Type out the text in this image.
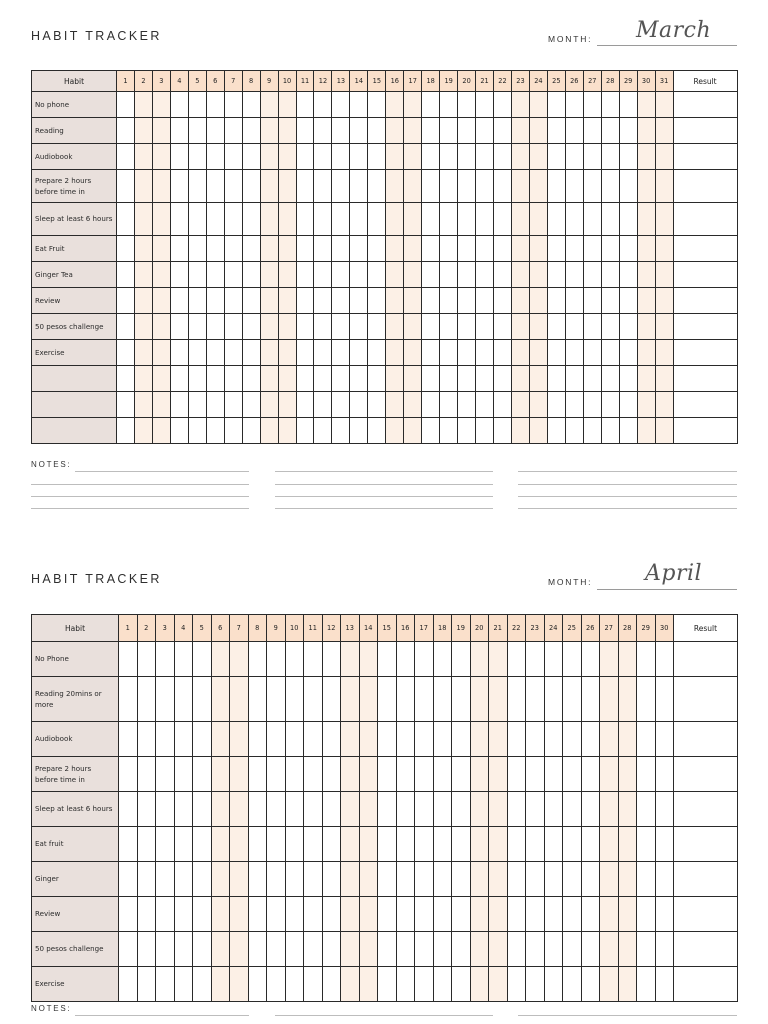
HABIT TRACKER	MONTH: March
Habit	1	2	3	4	5	6	7	8	9	10	11	12	13	14	15	16	17	18	19	20	21	22	23	24	25	26	27	28	29	30	31	Result
No phone																																
Reading																																
Audiobook																																
Prepare 2 hours before time in																																
Sleep at least 6 hours																																
Eat Fruit																																
Ginger Tea																																
Review																																
50 pesos challenge																																
Exercise																																

NOTES:
HABIT TRACKER	MONTH: April
Habit	1	2	3	4	5	6	7	8	9	10	11	12	13	14	15	16	17	18	19	20	21	22	23	24	25	26	27	28	29	30	Result
No Phone																															
Reading 20mins or more																															
Audiobook																															
Prepare 2 hours before time in																															
Sleep at least 6 hours																															
Eat fruit																															
Ginger																															
Review																															
50 pesos challenge																															
Exercise																															
NOTES:
